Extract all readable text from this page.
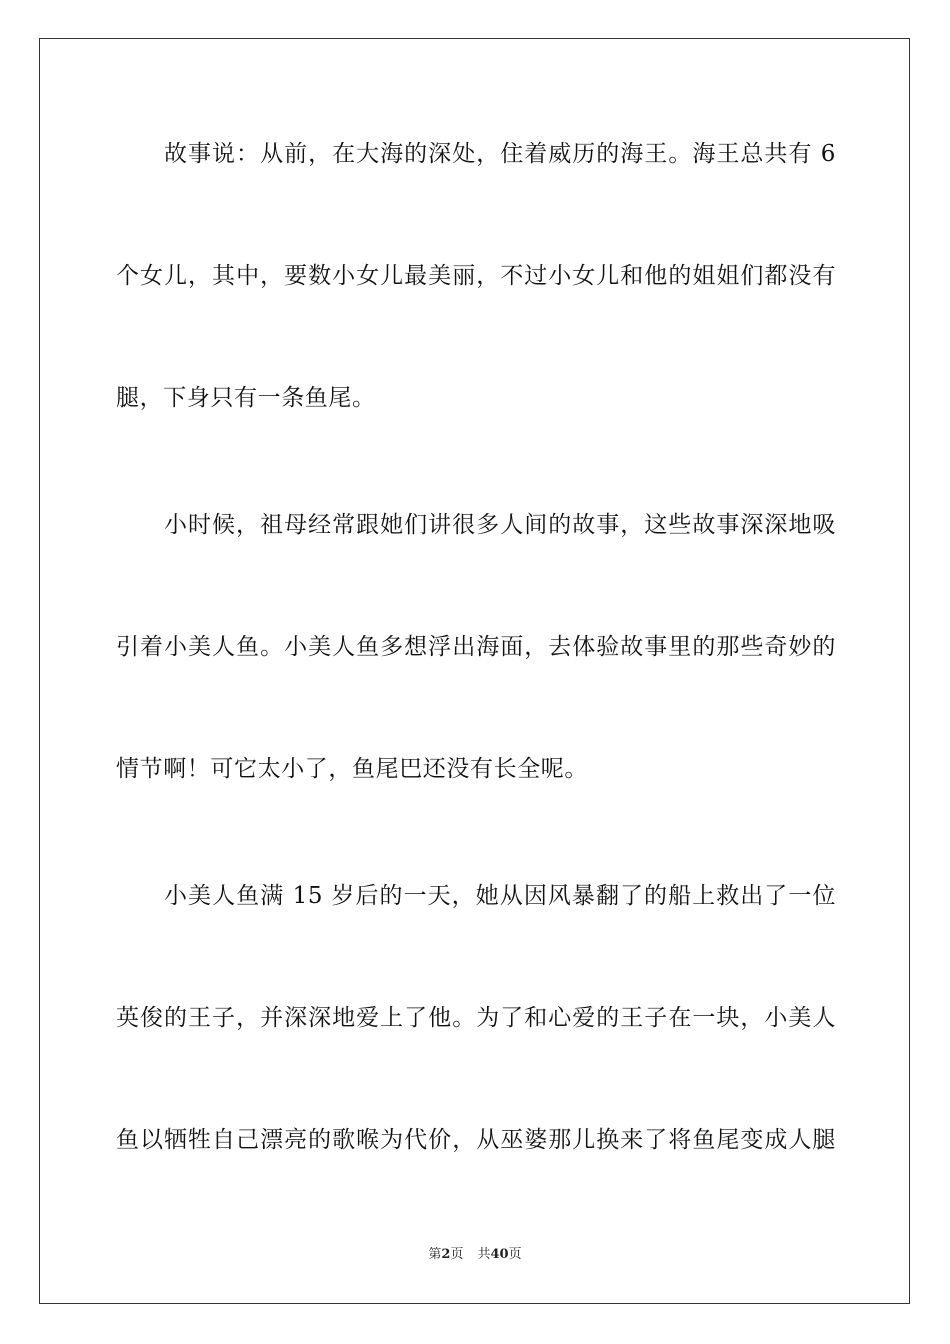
故事说：从前，在大海的深处，住着威历的海王。海王总共有 6
个女儿，其中，要数小女儿最美丽，不过小女儿和他的姐姐们都没有
腿，下身只有一条鱼尾。
小时候，祖母经常跟她们讲很多人间的故事，这些故事深深地吸
引着小美人鱼。小美人鱼多想浮出海面，去体验故事里的那些奇妙的
情节啊！可它太小了，鱼尾巴还没有长全呢。
小美人鱼满 15 岁后的一天，她从因风暴翻了的船上救出了一位
英俊的王子，并深深地爱上了他。为了和心爱的王子在一块，小美人
鱼以牺牲自己漂亮的歌喉为代价，从巫婆那儿换来了将鱼尾变成人腿
第2页 共40页
